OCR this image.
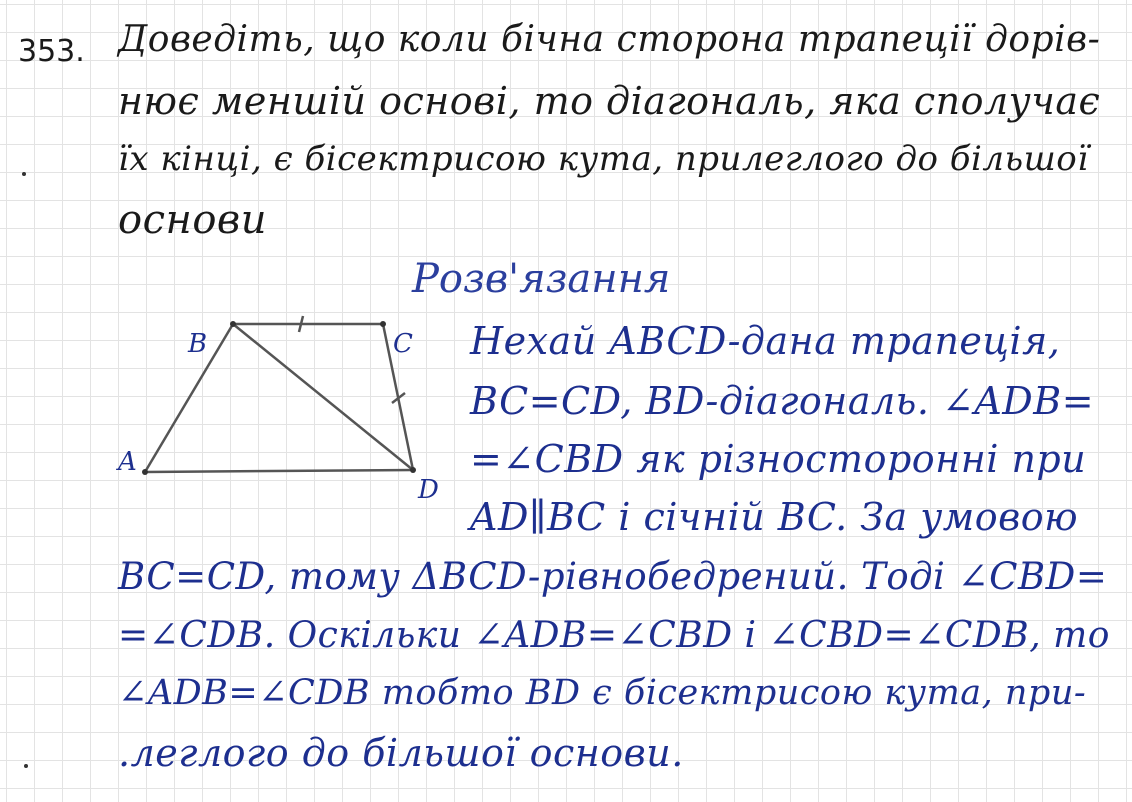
353. Доведіть, що коли бічна сторона трапеції дорів-
нює меншій основі, то діагональ, яка сполучає
їх кінці, є бісектрисою кута, прилеглого до більшої
основи
Розв'язання
B	C
A
D
Нехай ABCD-дана трапеція,
BC=CD, BD-діагональ. ∠ADB=
=∠CBD як різносторонні при
AD∥BC і січній BC. За умовою
BC=CD, тому ΔBCD-рівнобедрений. Тоді ∠CBD=
=∠CDB. Оскільки ∠ADB=∠CBD і ∠CBD=∠CDB, то
∠ADB=∠CDB тобто BD є бісектрисою кута, при-
.леглого до більшої основи.
